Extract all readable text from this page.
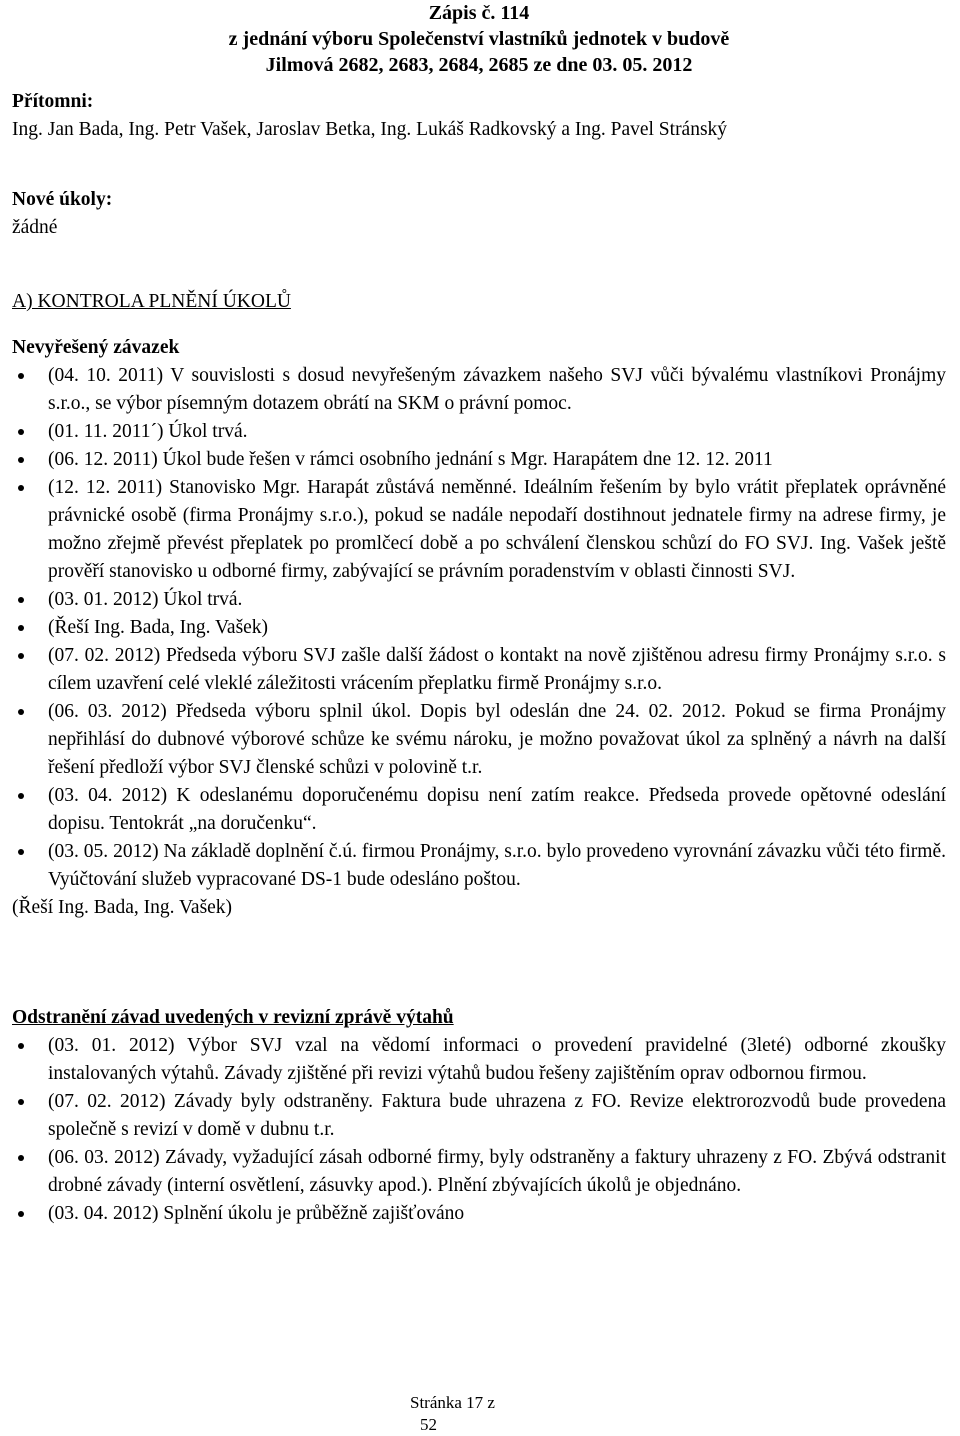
Zápis č. 114
z jednání výboru Společenství vlastníků jednotek v budově
Jilmová 2682, 2683, 2684, 2685 ze dne 03. 05. 2012
Přítomni:
Ing. Jan Bada, Ing. Petr Vašek, Jaroslav Betka, Ing. Lukáš Radkovský a Ing. Pavel Stránský
Nové úkoly:
žádné
A) KONTROLA PLNĚNÍ ÚKOLŮ
Nevyřešený závazek
(04. 10. 2011) V souvislosti s dosud nevyřešeným závazkem našeho SVJ vůči bývalému vlastníkovi Pronájmy s.r.o., se výbor písemným dotazem obrátí na SKM o právní pomoc.
(01. 11. 2011´) Úkol trvá.
(06. 12. 2011) Úkol bude řešen v rámci osobního jednání s Mgr. Harapátem dne 12. 12. 2011
(12. 12. 2011) Stanovisko Mgr. Harapát zůstává neměnné. Ideálním řešením by bylo vrátit přeplatek oprávněné právnické osobě (firma Pronájmy s.r.o.), pokud se nadále nepodaří dostihnout jednatele firmy na adrese firmy, je možno zřejmě převést přeplatek po promlčecí době a po schválení členskou schůzí do FO SVJ. Ing. Vašek ještě prověří stanovisko u odborné firmy, zabývající se právním poradenstvím v oblasti činnosti SVJ.
(03. 01. 2012) Úkol trvá.
(Řeší Ing. Bada, Ing. Vašek)
(07. 02. 2012) Předseda výboru SVJ zašle další žádost o kontakt na nově zjištěnou adresu firmy Pronájmy s.r.o. s cílem uzavření celé vleklé záležitosti vrácením přeplatku firmě Pronájmy s.r.o.
(06. 03. 2012) Předseda výboru splnil úkol. Dopis byl odeslán dne 24. 02. 2012. Pokud se firma Pronájmy nepřihlásí do dubnové výborové schůze ke svému nároku, je možno považovat úkol za splněný a návrh na další řešení předloží výbor SVJ členské schůzi v polovině t.r.
(03. 04. 2012) K odeslanému doporučenému dopisu není zatím reakce. Předseda provede opětovné odeslání dopisu. Tentokrát „na doručenku“.
(03. 05. 2012) Na základě doplnění č.ú. firmou Pronájmy, s.r.o. bylo provedeno vyrovnání závazku vůči této firmě. Vyúčtování služeb vypracované DS-1 bude odesláno poštou.
(Řeší Ing. Bada, Ing. Vašek)
Odstranění závad uvedených v revizní zprávě výtahů
(03. 01. 2012) Výbor SVJ vzal na vědomí informaci o provedení pravidelné (3leté) odborné zkoušky instalovaných výtahů. Závady zjištěné při revizi výtahů budou řešeny zajištěním oprav odbornou firmou.
(07. 02. 2012) Závady byly odstraněny. Faktura bude uhrazena z FO. Revize elektrorozvodů bude provedena společně s revizí v domě v dubnu t.r.
(06. 03. 2012) Závady, vyžadující zásah odborné firmy, byly odstraněny a faktury uhrazeny z FO. Zbývá odstranit drobné závady (interní osvětlení, zásuvky apod.). Plnění zbývajících úkolů je objednáno.
(03. 04. 2012) Splnění úkolu je průběžně zajišťováno
Stránka 17 z
52
